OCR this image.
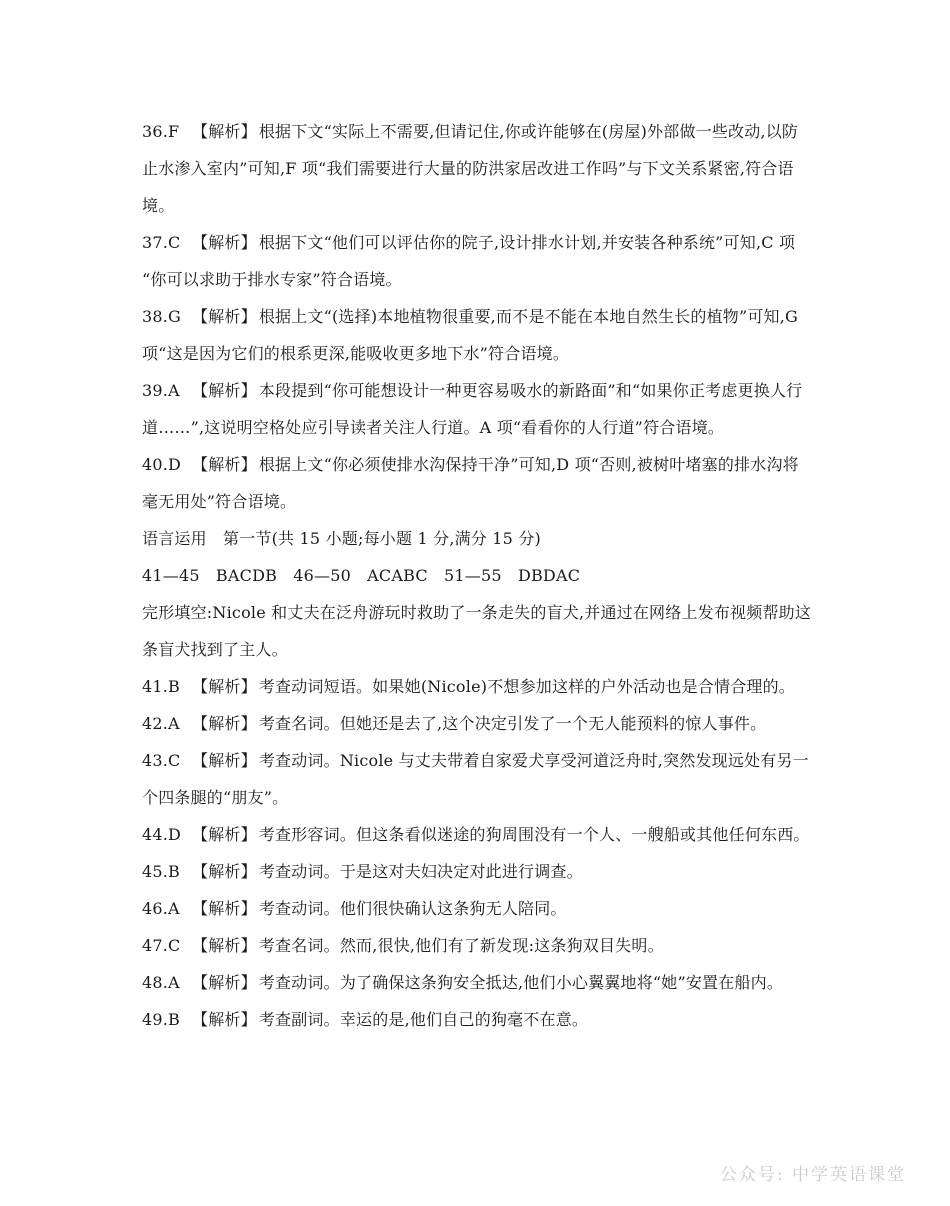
36.F 【解析】 根据下文“实际上不需要,但请记住,你或许能够在(房屋)外部做一些改动,以防
止水渗入室内”可知,F 项“我们需要进行大量的防洪家居改进工作吗”与下文关系紧密,符合语
境。
37.C 【解析】 根据下文“他们可以评估你的院子,设计排水计划,并安装各种系统”可知,C 项
“你可以求助于排水专家”符合语境。
38.G 【解析】 根据上文“(选择)本地植物很重要,而不是不能在本地自然生长的植物”可知,G
项“这是因为它们的根系更深,能吸收更多地下水”符合语境。
39.A 【解析】 本段提到“你可能想设计一种更容易吸水的新路面”和“如果你正考虑更换人行
道……”,这说明空格处应引导读者关注人行道。A 项“看看你的人行道”符合语境。
40.D 【解析】 根据上文“你必须使排水沟保持干净”可知,D 项“否则,被树叶堵塞的排水沟将
毫无用处”符合语境。
语言运用　第一节(共 15 小题;每小题 1 分,满分 15 分)
41—45　BACDB　46—50　ACABC　51—55　DBDAC
完形填空:Nicole 和丈夫在泛舟游玩时救助了一条走失的盲犬,并通过在网络上发布视频帮助这
条盲犬找到了主人。
41.B 【解析】 考查动词短语。如果她(Nicole)不想参加这样的户外活动也是合情合理的。
42.A 【解析】 考查名词。但她还是去了,这个决定引发了一个无人能预料的惊人事件。
43.C 【解析】 考查动词。Nicole 与丈夫带着自家爱犬享受河道泛舟时,突然发现远处有另一
个四条腿的“朋友”。
44.D 【解析】 考查形容词。但这条看似迷途的狗周围没有一个人、一艘船或其他任何东西。
45.B 【解析】 考查动词。于是这对夫妇决定对此进行调查。
46.A 【解析】 考查动词。他们很快确认这条狗无人陪同。
47.C 【解析】 考查名词。然而,很快,他们有了新发现:这条狗双目失明。
48.A 【解析】 考查动词。为了确保这条狗安全抵达,他们小心翼翼地将“她”安置在船内。
49.B 【解析】 考查副词。幸运的是,他们自己的狗毫不在意。
公众号: 中学英语课堂
